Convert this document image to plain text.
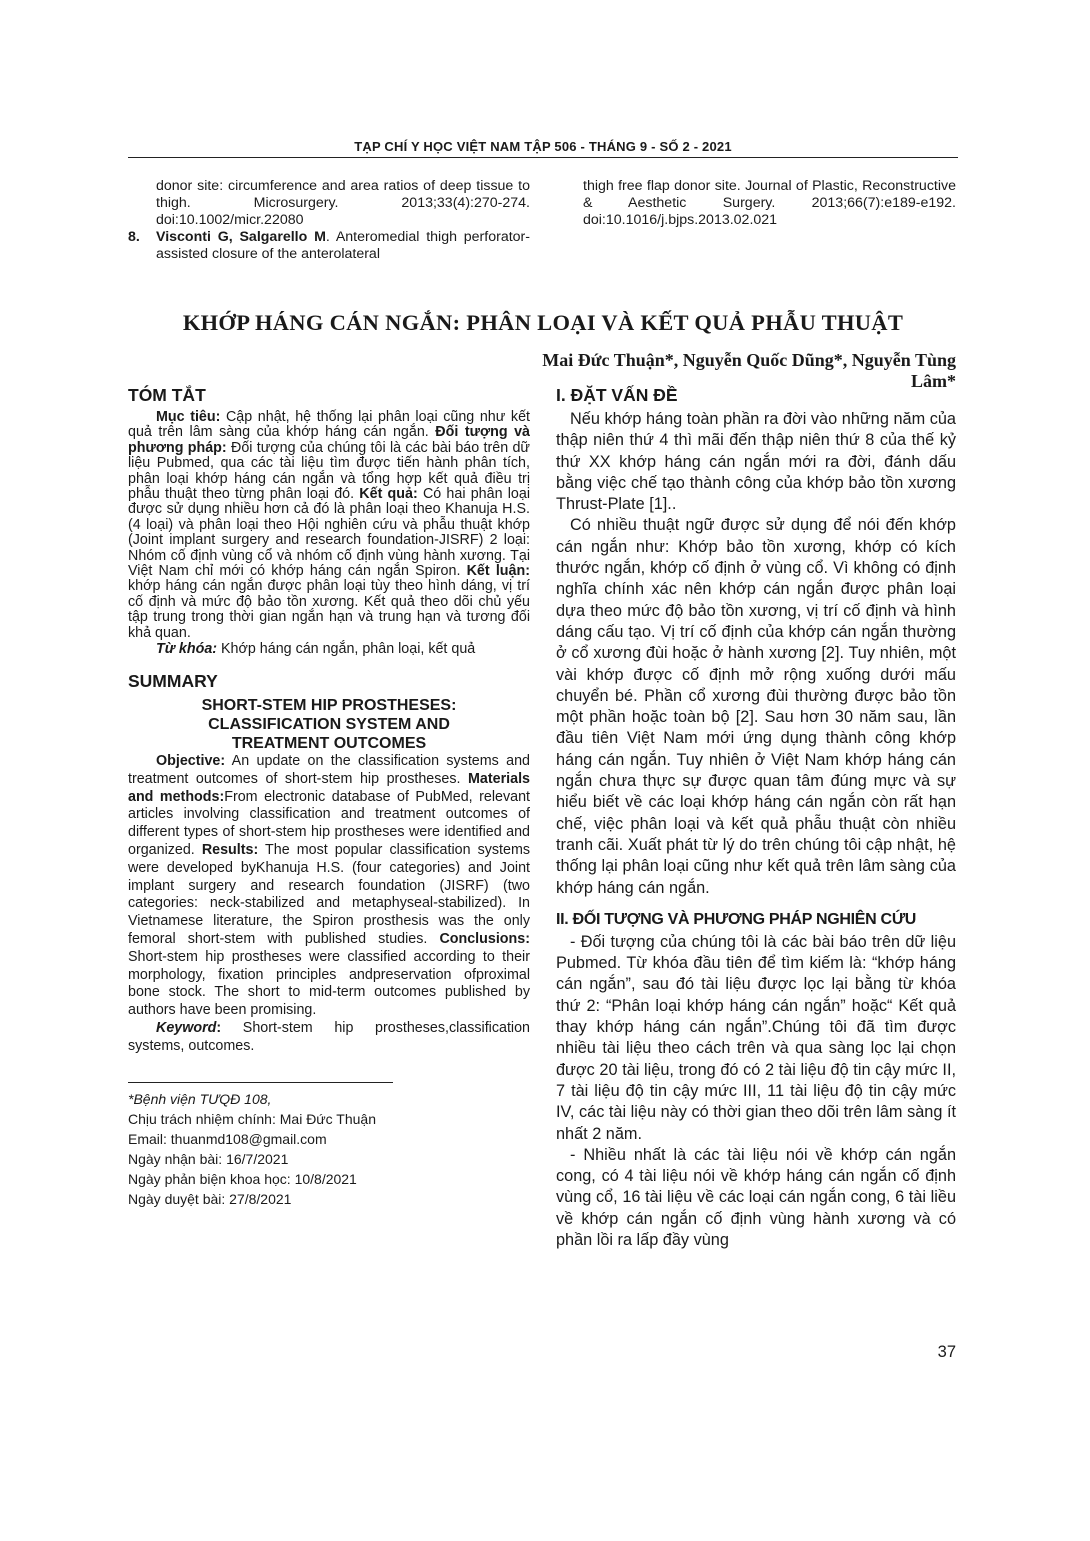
TẠP CHÍ Y HỌC VIỆT NAM TẬP 506 - THÁNG 9 - SỐ 2 - 2021

donor site: circumference and area ratios of deep tissue to thigh. Microsurgery. 2013;33(4):270-274. doi:10.1002/micr.22080

8. Visconti G, Salgarello M. Anteromedial thigh perforator-assisted closure of the anterolateral

thigh free flap donor site. Journal of Plastic, Reconstructive & Aesthetic Surgery. 2013;66(7):e189-e192. doi:10.1016/j.bjps.2013.02.021

KHỚP HÁNG CÁN NGẮN: PHÂN LOẠI VÀ KẾT QUẢ PHẪU THUẬT
Mai Đức Thuận*, Nguyễn Quốc Dũng*, Nguyễn Tùng Lâm*
TÓM TẮT

Mục tiêu: Cập nhật, hệ thống lại phân loại cũng như kết quả trên lâm sàng của khớp háng cán ngắn. Đối tượng và phương pháp: Đối tượng của chúng tôi là các bài báo trên dữ liệu Pubmed, qua các tài liệu tìm được tiến hành phân tích, phân loại khớp háng cán ngắn và tổng hợp kết quả điều trị phẫu thuật theo từng phân loại đó. Kết quả: Có hai phân loại được sử dụng nhiều hơn cả đó là phân loại theo Khanuja H.S. (4 loại) và phân loại theo Hội nghiên cứu và phẫu thuật khớp (Joint implant surgery and research foundation-JISRF) 2 loại: Nhóm cố định vùng cổ và nhóm cố định vùng hành xương. Tại Việt Nam chỉ mới có khớp háng cán ngắn Spiron. Kết luận: khớp háng cán ngắn được phân loại tùy theo hình dáng, vị trí cố định và mức độ bảo tồn xương. Kết quả theo dõi chủ yếu tập trung trong thời gian ngắn hạn và trung hạn và tương đối khả quan.

Từ khóa: Khớp háng cán ngắn, phân loại, kết quả

SUMMARY
SHORT-STEM HIP PROSTHESES:
CLASSIFICATION SYSTEM AND
TREATMENT OUTCOMES

Objective: An update on the classification systems and treatment outcomes of short-stem hip prostheses. Materials and methods:From electronic database of PubMed, relevant articles involving classification and treatment outcomes of different types of short-stem hip prostheses were identified and organized. Results: The most popular classification systems were developed byKhanuja H.S. (four categories) and Joint implant surgery and research foundation (JISRF) (two categories: neck-stabilized and metaphyseal-stabilized). In Vietnamese literature, the Spiron prosthesis was the only femoral short-stem with published studies. Conclusions: Short-stem hip prostheses were classified according to their morphology, fixation principles andpreservation ofproximal bone stock. The short to mid-term outcomes published by authors have been promising.

Keyword: Short-stem hip prostheses,classification systems, outcomes.

*Bệnh viện TƯQĐ 108,
Chịu trách nhiệm chính: Mai Đức Thuận
Email: thuanmd108@gmail.com
Ngày nhận bài: 16/7/2021
Ngày phản biện khoa học: 10/8/2021
Ngày duyệt bài: 27/8/2021
I. ĐẶT VẤN ĐỀ

Nếu khớp háng toàn phần ra đời vào những năm của thập niên thứ 4 thì mãi đến thập niên thứ 8 của thế kỷ thứ XX khớp háng cán ngắn mới ra đời, đánh dấu bằng việc chế tạo thành công của khớp bảo tồn xương Thrust-Plate [1]..

Có nhiều thuật ngữ được sử dụng để nói đến khớp cán ngắn như: Khớp bảo tồn xương, khớp có kích thước ngắn, khớp cố định ở vùng cổ. Vì không có định nghĩa chính xác nên khớp cán ngắn được phân loại dựa theo mức độ bảo tồn xương, vị trí cố định và hình dáng cấu tạo. Vị trí cố định của khớp cán ngắn thường ở cổ xương đùi hoặc ở hành xương [2]. Tuy nhiên, một vài khớp được cố định mở rộng xuống dưới mấu chuyển bé. Phần cổ xương đùi thường được bảo tồn một phần hoặc toàn bộ [2]. Sau hơn 30 năm sau, lần đầu tiên Việt Nam mới ứng dụng thành công khớp háng cán ngắn. Tuy nhiên ở Việt Nam khớp háng cán ngắn chưa thực sự được quan tâm đúng mực và sự hiểu biết về các loại khớp háng cán ngắn còn rất hạn chế, việc phân loại và kết quả phẫu thuật còn nhiều tranh cãi. Xuất phát từ lý do trên chúng tôi cập nhật, hệ thống lại phân loại cũng như kết quả trên lâm sàng của khớp háng cán ngắn.

II. ĐỐI TƯỢNG VÀ PHƯƠNG PHÁP NGHIÊN CỨU

- Đối tượng của chúng tôi là các bài báo trên dữ liệu Pubmed. Từ khóa đầu tiên để tìm kiếm là: “khớp háng cán ngắn”, sau đó tài liệu được lọc lại bằng từ khóa thứ 2: “Phân loại khớp háng cán ngắn” hoặc“ Kết quả thay khớp háng cán ngắn”.Chúng tôi đã tìm được nhiều tài liệu theo cách trên và qua sàng lọc lại chọn được 20 tài liệu, trong đó có 2 tài liệu độ tin cậy mức II, 7 tài liệu độ tin cậy mức III, 11 tài liệu độ tin cậy mức IV, các tài liệu này có thời gian theo dõi trên lâm sàng ít nhất 2 năm.

- Nhiều nhất là các tài liệu nói về khớp cán ngắn cong, có 4 tài liệu nói về khớp háng cán ngắn cố định vùng cổ, 16 tài liệu về các loại cán ngắn cong, 6 tài liều về khớp cán ngắn cố định vùng hành xương và có phần lồi ra lấp đầy vùng

37
